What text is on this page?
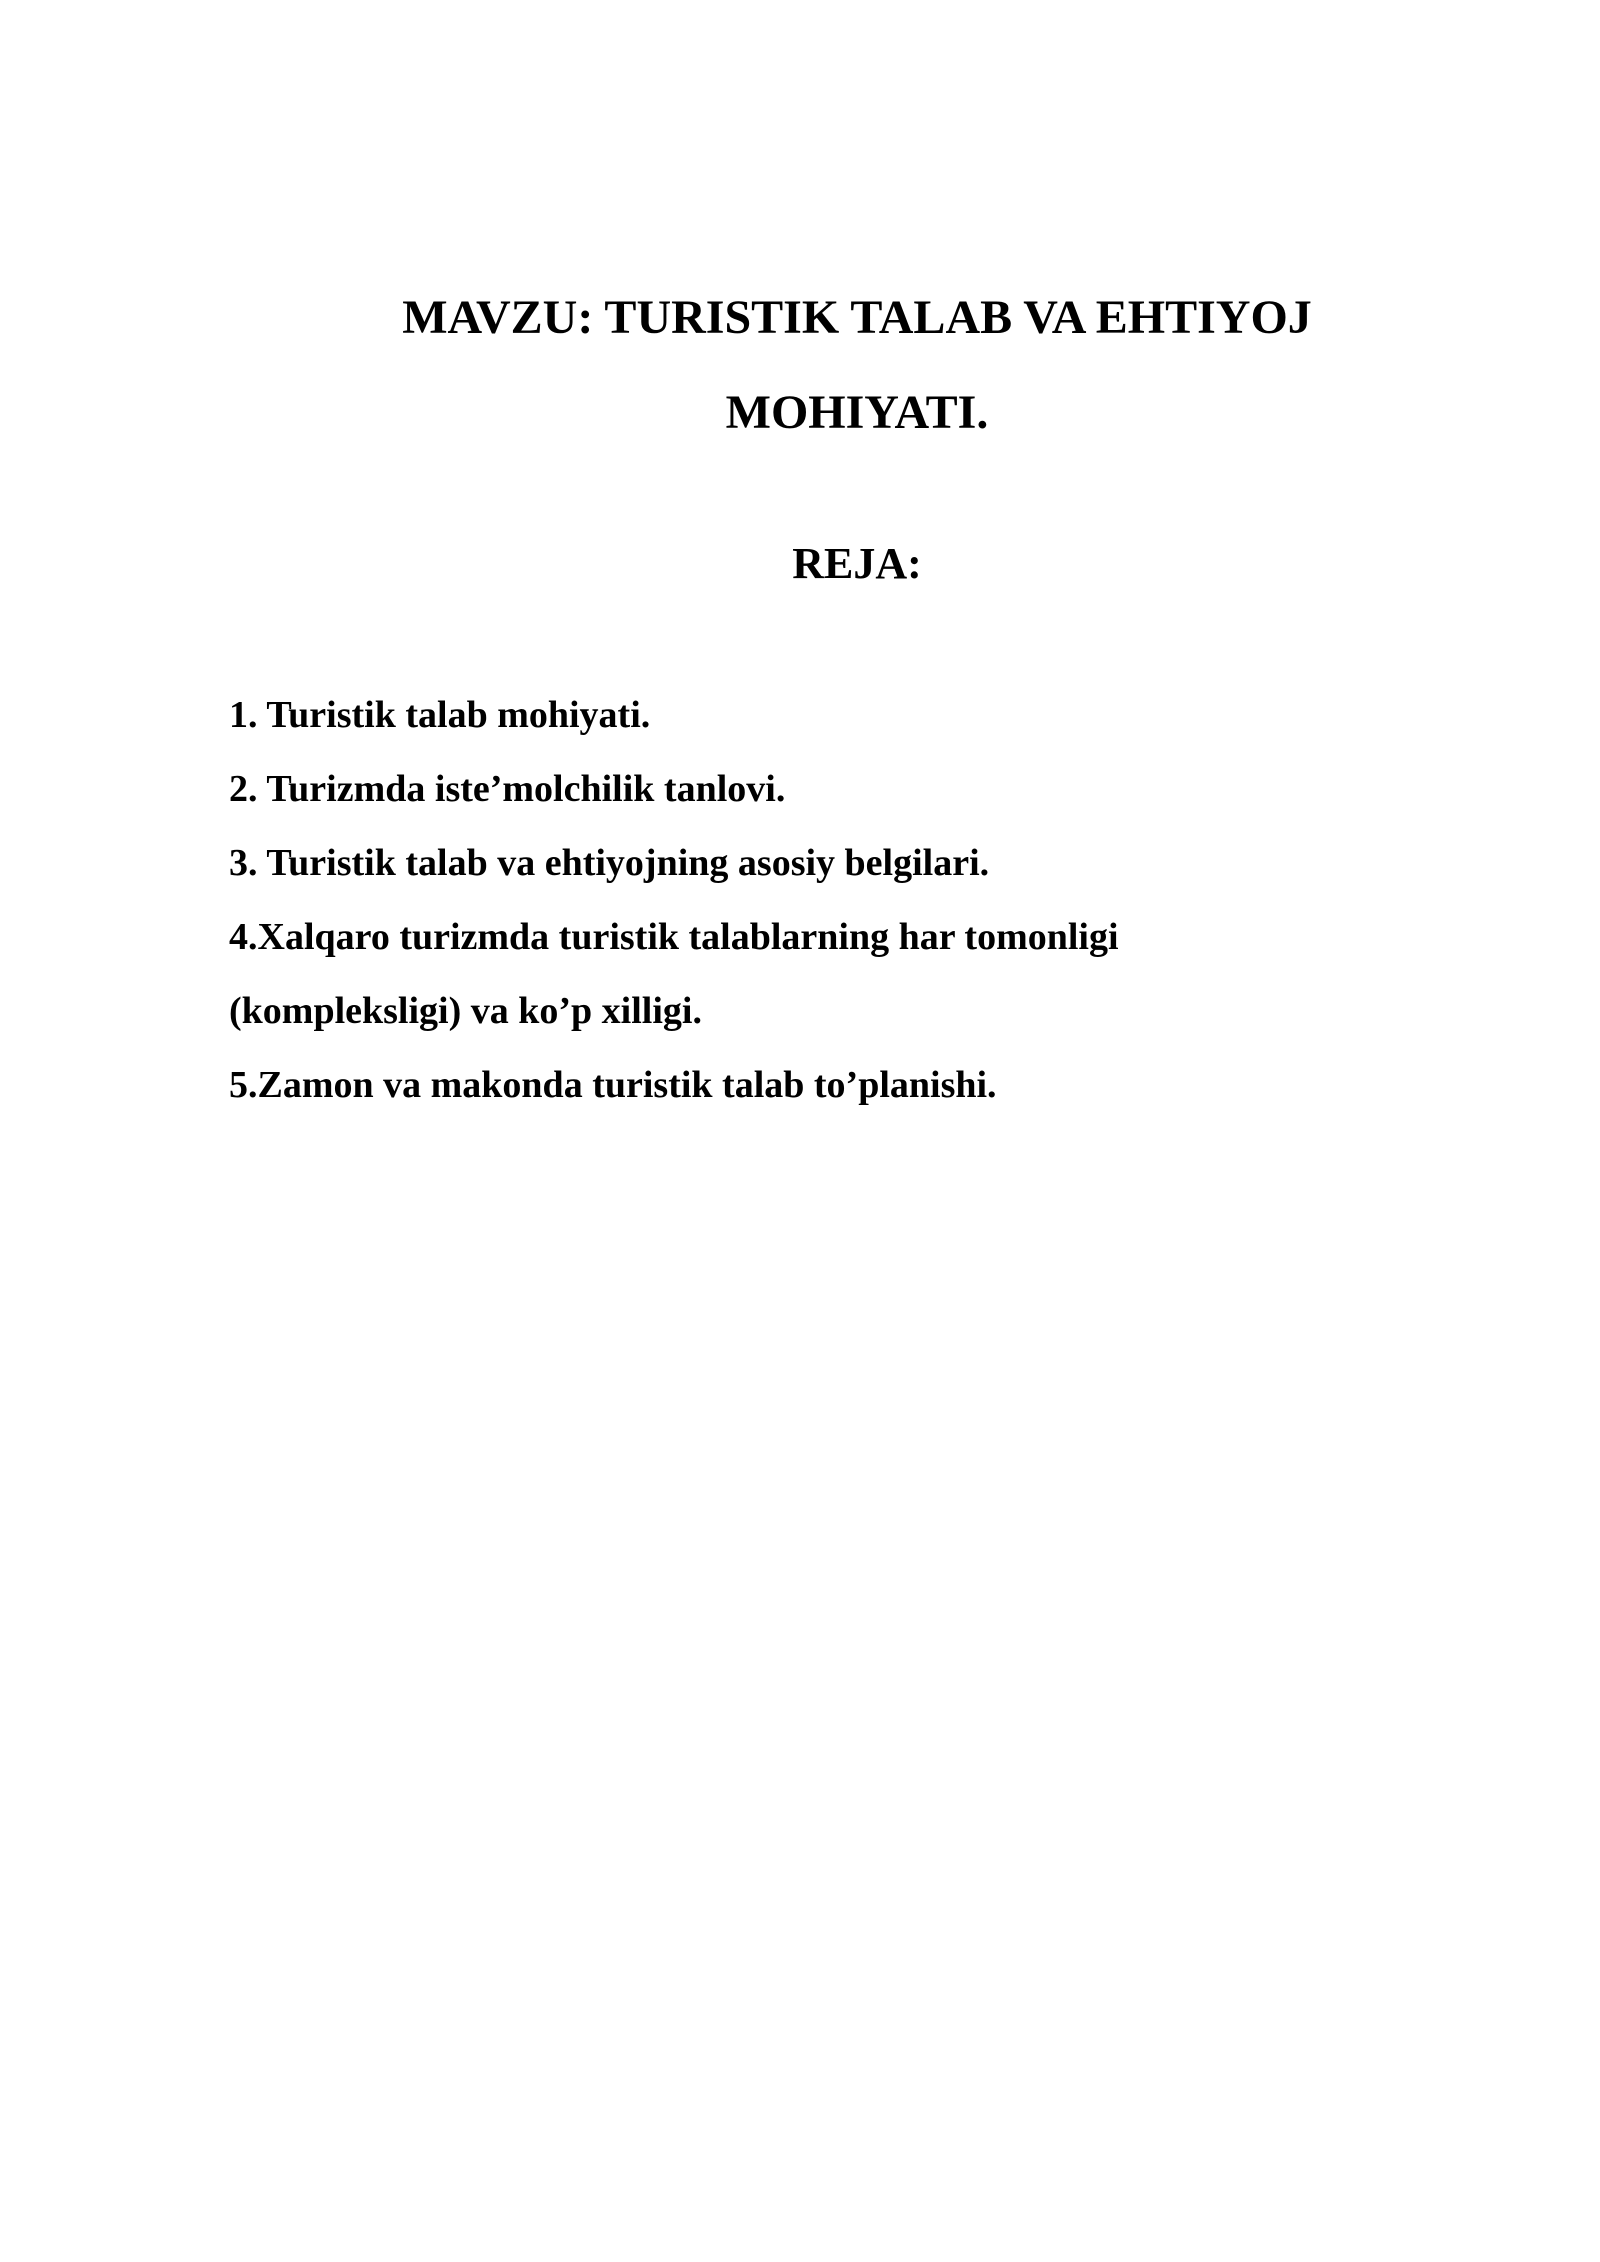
MAVZU: TURISTIK TALAB VA EHTIYOJ
MOHIYATI.
REJA:
1. Turistik talab mohiyati.
2. Turizmda iste’molchilik tanlovi.
3. Turistik talab va ehtiyojning asosiy belgilari.
4.Xalqaro turizmda turistik talablarning har tomonligi
(kompleksligi) va ko’p xilligi.
5.Zamon va makonda turistik talab to’planishi.
